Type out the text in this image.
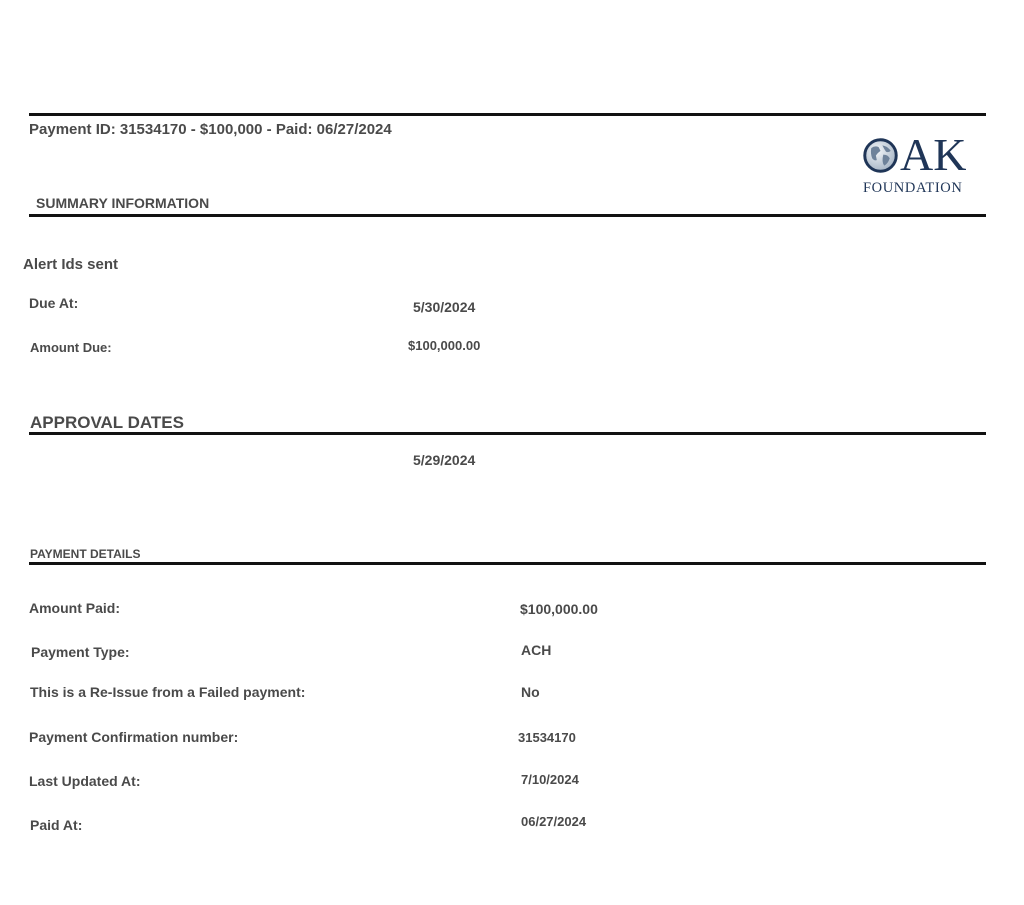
Payment ID: 31534170 - $100,000 - Paid: 06/27/2024	AK
FOUNDATION
SUMMARY INFORMATION
Alert Ids sent
Due At:	5/30/2024
Amount Due:	$100,000.00
APPROVAL DATES
5/29/2024
PAYMENT DETAILS
Amount Paid:	$100,000.00
Payment Type:	ACH
This is a Re-Issue from a Failed payment:	No
Payment Confirmation number:	31534170
Last Updated At:	7/10/2024
Paid At:	06/27/2024
